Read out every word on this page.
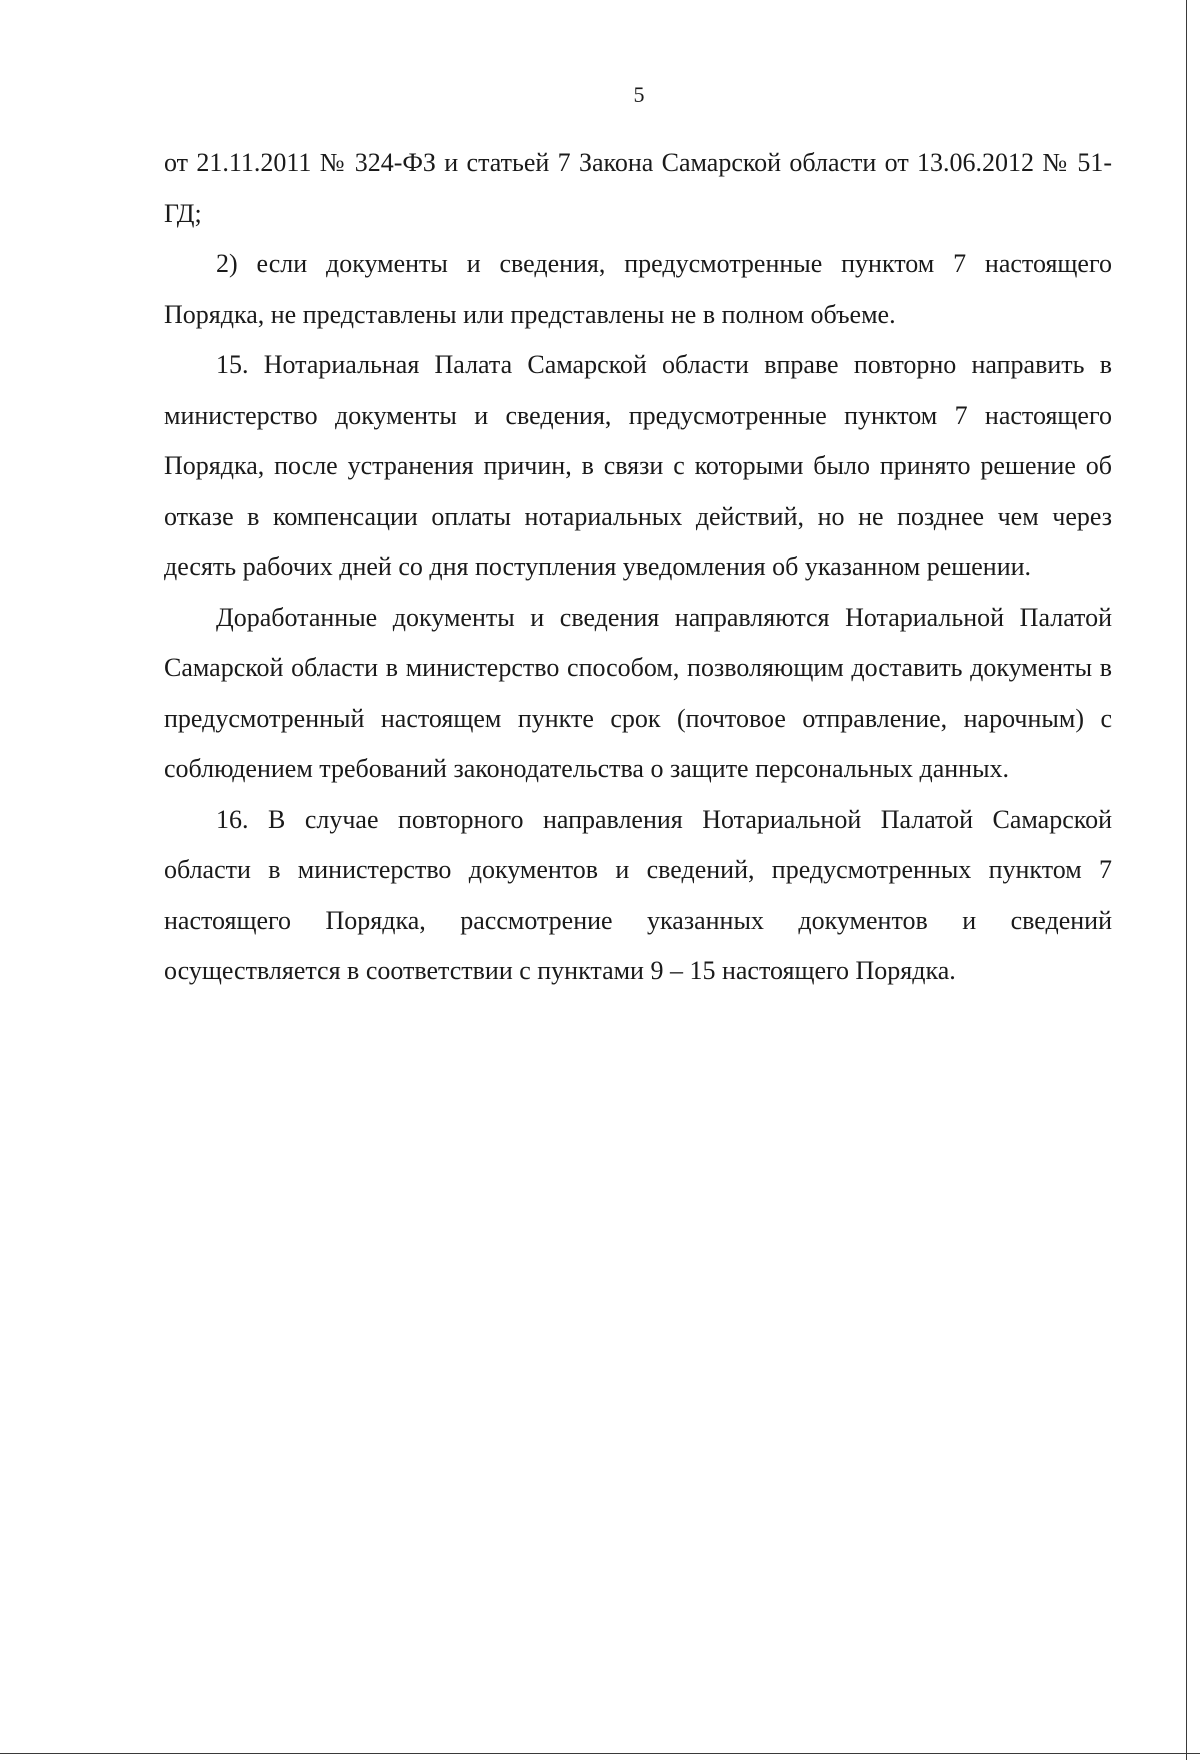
5

от 21.11.2011 № 324-ФЗ и статьей 7 Закона Самарской области от 13.06.2012 № 51-ГД;

2) если документы и сведения, предусмотренные пунктом 7 настоящего Порядка, не представлены или представлены не в полном объеме.

15. Нотариальная Палата Самарской области вправе повторно направить в министерство документы и сведения, предусмотренные пунктом 7 настоящего Порядка, после устранения причин, в связи с которыми было принято решение об отказе в компенсации оплаты нотариальных действий, но не позднее чем через десять рабочих дней со дня поступления уведомления об указанном решении.

Доработанные документы и сведения направляются Нотариальной Палатой Самарской области в министерство способом, позволяющим доставить документы в предусмотренный настоящем пункте срок (почтовое отправление, нарочным) с соблюдением требований законодательства о защите персональных данных.

16. В случае повторного направления Нотариальной Палатой Самарской области в министерство документов и сведений, предусмотренных пунктом 7 настоящего Порядка, рассмотрение указанных документов и сведений осуществляется в соответствии с пунктами 9 – 15 настоящего Порядка.
